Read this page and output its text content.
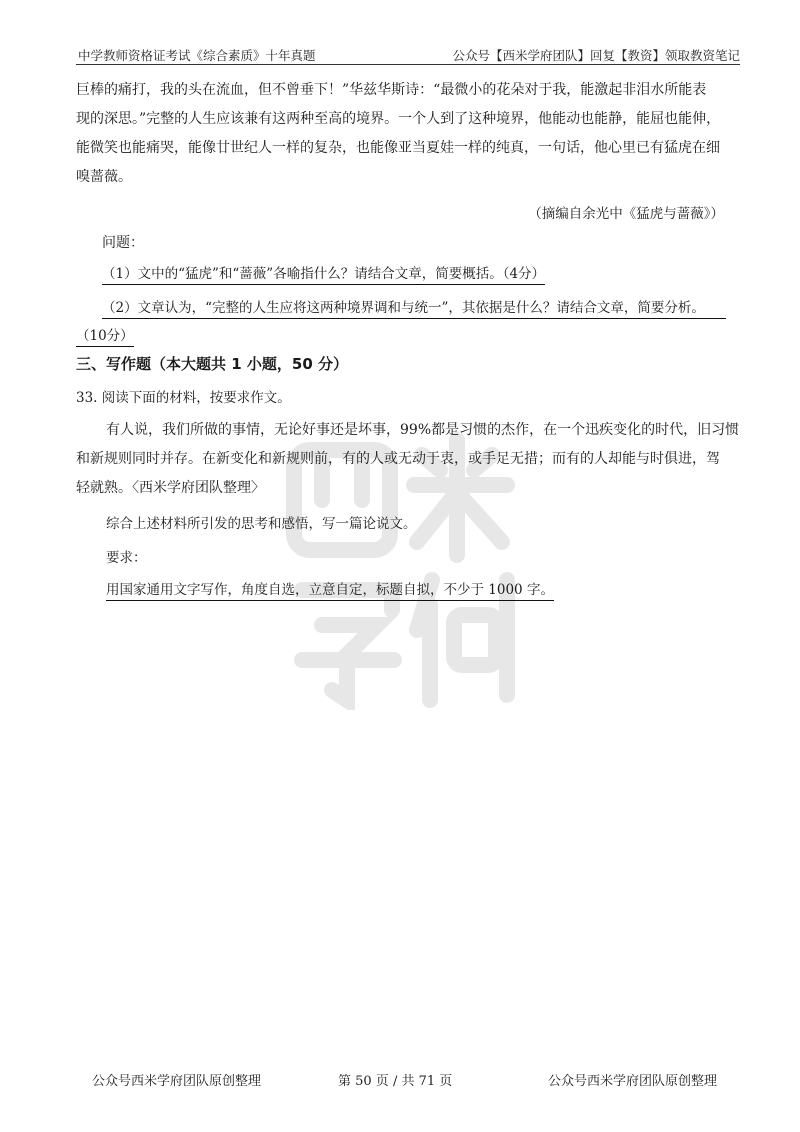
中学教师资格证考试《综合素质》十年真题	公众号【西米学府团队】回复【教资】领取教资笔记
巨棒的痛打，我的头在流血，但不曾垂下！”华兹华斯诗：“最微小的花朵对于我，能激起非泪水所能表
现的深思。”完整的人生应该兼有这两种至高的境界。一个人到了这种境界，他能动也能静，能屈也能伸，
能微笑也能痛哭，能像廿世纪人一样的复杂，也能像亚当夏娃一样的纯真，一句话，他心里已有猛虎在细
嗅蔷薇。
（摘编自余光中《猛虎与蔷薇》）
问题：
（1）文中的“猛虎”和“蔷薇”各喻指什么？请结合文章，简要概括。（4分）
（2）文章认为，“完整的人生应将这两种境界调和与统一”，其依据是什么？请结合文章，简要分析。
（10分）
三、写作题（本大题共 1 小题，50 分）
33. 阅读下面的材料，按要求作文。
有人说，我们所做的事情，无论好事还是坏事，99%都是习惯的杰作，在一个迅疾变化的时代，旧习惯
和新规则同时并存。在新变化和新规则前，有的人或无动于衷，或手足无措；而有的人却能与时俱进，驾
轻就熟。〈西米学府团队整理〉
综合上述材料所引发的思考和感悟，写一篇论说文。
要求：
用国家通用文字写作，角度自选，立意自定，标题自拟，不少于 1000 字。
公众号西米学府团队原创整理	第 50 页 / 共 71 页	公众号西米学府团队原创整理
